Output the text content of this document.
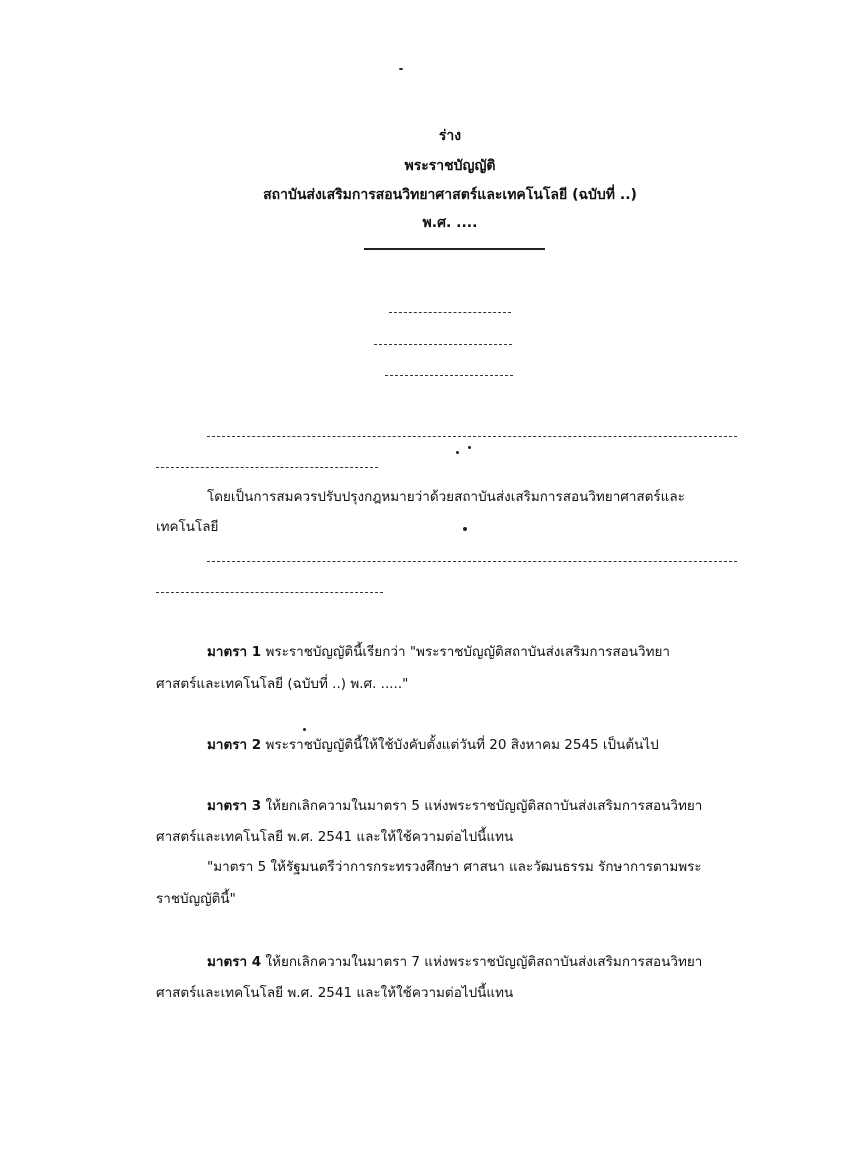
ร่าง
พระราชบัญญัติ
สถาบันส่งเสริมการสอนวิทยาศาสตร์และเทคโนโลยี (ฉบับที่ ..)
พ.ศ. ....
โดยเป็นการสมควรปรับปรุงกฎหมายว่าด้วยสถาบันส่งเสริมการสอนวิทยาศาสตร์และ
เทคโนโลยี
มาตรา 1 พระราชบัญญัตินี้เรียกว่า "พระราชบัญญัติสถาบันส่งเสริมการสอนวิทยา
ศาสตร์และเทคโนโลยี (ฉบับที่ ..) พ.ศ. ....."
มาตรา 2 พระราชบัญญัตินี้ให้ใช้บังคับตั้งแต่วันที่ 20 สิงหาคม 2545 เป็นต้นไป
มาตรา 3 ให้ยกเลิกความในมาตรา 5 แห่งพระราชบัญญัติสถาบันส่งเสริมการสอนวิทยา
ศาสตร์และเทคโนโลยี พ.ศ. 2541 และให้ใช้ความต่อไปนี้แทน
"มาตรา 5 ให้รัฐมนตรีว่าการกระทรวงศึกษา ศาสนา และวัฒนธรรม รักษาการตามพระ
ราชบัญญัตินี้"
มาตรา 4 ให้ยกเลิกความในมาตรา 7 แห่งพระราชบัญญัติสถาบันส่งเสริมการสอนวิทยา
ศาสตร์และเทคโนโลยี พ.ศ. 2541 และให้ใช้ความต่อไปนี้แทน
